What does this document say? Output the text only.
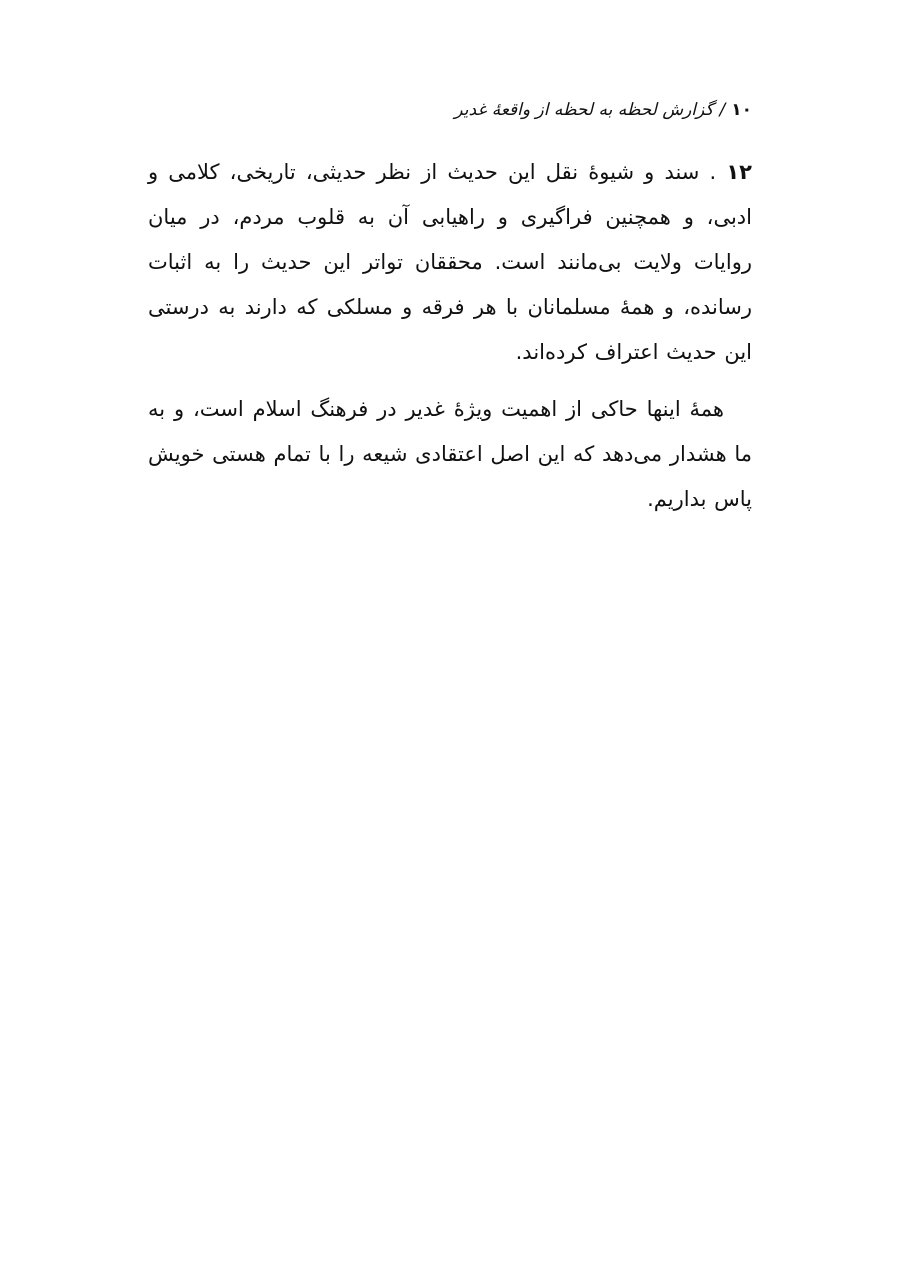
۱۰/گزارش لحظه به لحظه از واقعهٔ غدیر

۱۲ . سند و شیوهٔ نقل این حدیث از نظر حدیثی، تاریخی، کلامی و ادبی، و همچنین فراگیری و راهیابی آن به قلوب مردم، در میان روایات ولایت بی‌مانند است. محققان تواتر این حدیث را به اثبات رسانده، و همهٔ مسلمانان با هر فرقه و مسلکی که دارند به درستی این حدیث اعتراف کرده‌اند.

همهٔ اینها حاکی از اهمیت ویژهٔ غدیر در فرهنگ اسلام است، و به ما هشدار می‌دهد که این اصل اعتقادی شیعه را با تمام هستی خویش پاس بداریم.
